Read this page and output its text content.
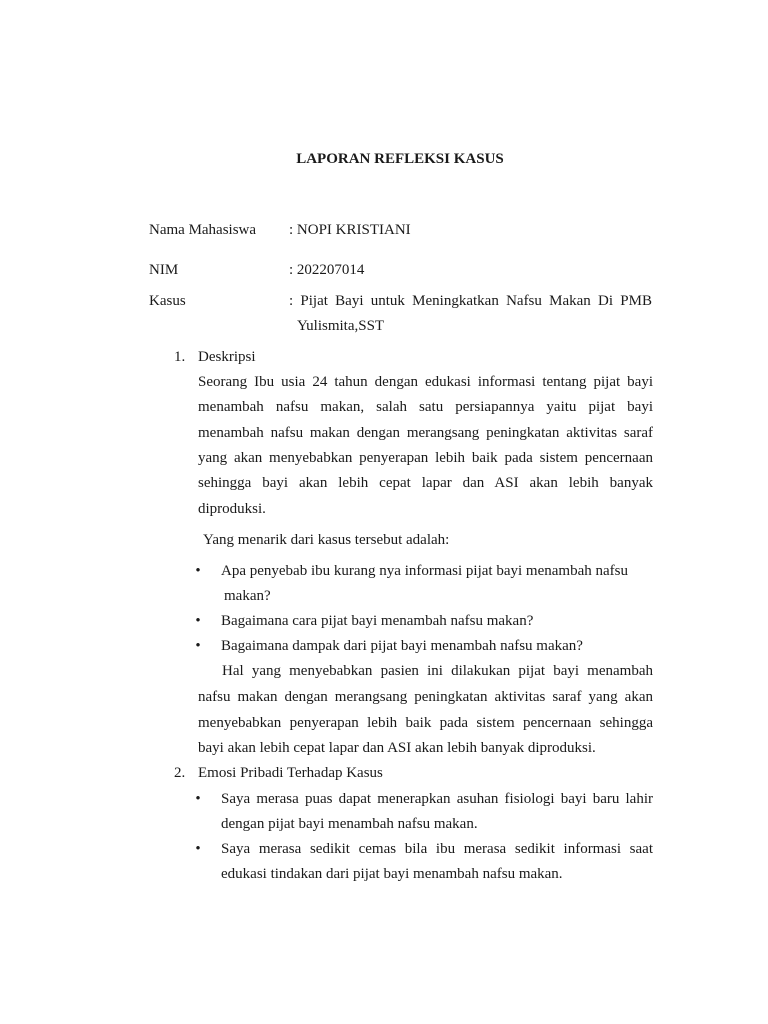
LAPORAN REFLEKSI KASUS
Nama Mahasiswa : NOPI KRISTIANI
NIM	: 202207014
Kasus	: Pijat Bayi untuk Meningkatkan Nafsu Makan Di PMB
Yulismita,SST
1. Deskripsi
Seorang Ibu usia 24 tahun dengan edukasi informasi tentang pijat bayi
menambah nafsu makan, salah satu persiapannya yaitu pijat bayi
menambah nafsu makan dengan merangsang peningkatan aktivitas saraf
yang akan menyebabkan penyerapan lebih baik pada sistem pencernaan
sehingga bayi akan lebih cepat lapar dan ASI akan lebih banyak
diproduksi.
Yang menarik dari kasus tersebut adalah:
• Apa penyebab ibu kurang nya informasi pijat bayi menambah nafsu
makan?
• Bagaimana cara pijat bayi menambah nafsu makan?
• Bagaimana dampak dari pijat bayi menambah nafsu makan?
Hal yang menyebabkan pasien ini dilakukan pijat bayi menambah
nafsu makan dengan merangsang peningkatan aktivitas saraf yang akan
menyebabkan penyerapan lebih baik pada sistem pencernaan sehingga
bayi akan lebih cepat lapar dan ASI akan lebih banyak diproduksi.
2. Emosi Pribadi Terhadap Kasus
• Saya merasa puas dapat menerapkan asuhan fisiologi bayi baru lahir
dengan pijat bayi menambah nafsu makan.
• Saya merasa sedikit cemas bila ibu merasa sedikit informasi saat
edukasi tindakan dari pijat bayi menambah nafsu makan.
